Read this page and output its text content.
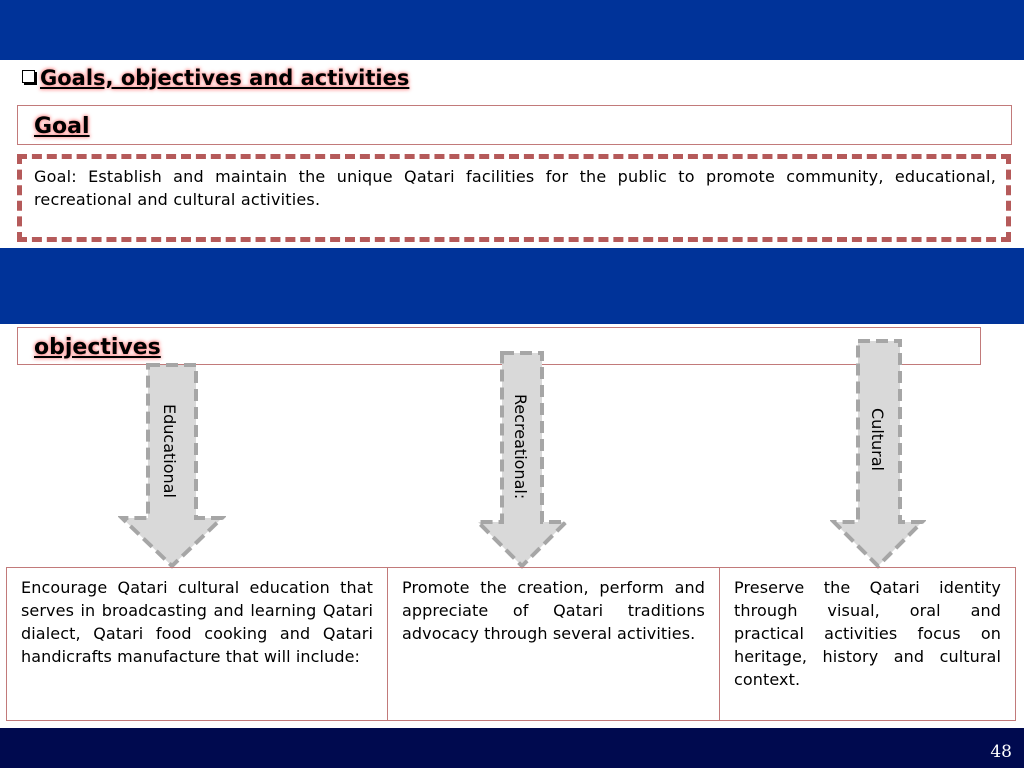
Goals, objectives and activities
Goal
Goal: Establish and maintain the unique Qatari facilities for the public to promote community, educational, recreational and cultural activities.
objectives
Educational	Recreational:	Cultural
Encourage Qatari cultural education that serves in broadcasting and learning Qatari dialect, Qatari food cooking and Qatari handicrafts manufacture that will include:
Promote the creation, perform and appreciate of Qatari traditions advocacy through several activities.
Preserve the Qatari identity through visual, oral and practical activities focus on heritage, history and cultural context.
48
